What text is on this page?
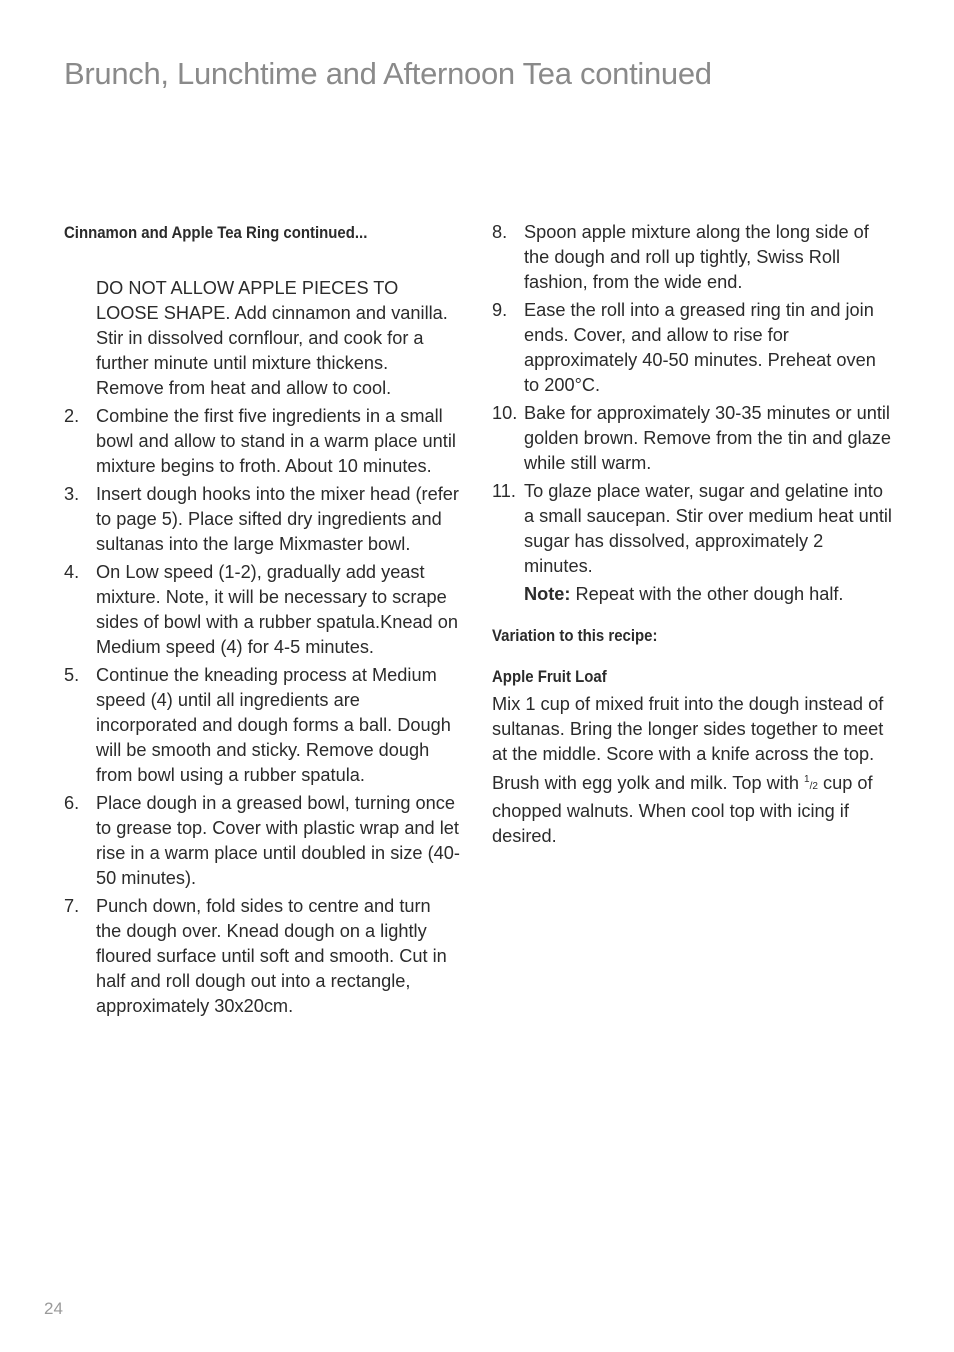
Brunch, Lunchtime and Afternoon Tea continued
Cinnamon and Apple Tea Ring continued...
DO NOT ALLOW APPLE PIECES TO LOOSE SHAPE. Add cinnamon and vanilla. Stir in dissolved cornflour, and cook for a further minute until mixture thickens. Remove from heat and allow to cool.
2. Combine the first five ingredients in a small bowl and allow to stand in a warm place until mixture begins to froth. About 10 minutes.
3. Insert dough hooks into the mixer head (refer to page 5). Place sifted dry ingredients and sultanas into the large Mixmaster bowl.
4. On Low speed (1-2), gradually add yeast mixture. Note, it will be necessary to scrape sides of bowl with a rubber spatula.Knead on Medium speed (4) for 4-5 minutes.
5. Continue the kneading process at Medium speed (4) until all ingredients are incorporated and dough forms a ball. Dough will be smooth and sticky. Remove dough from bowl using a rubber spatula.
6. Place dough in a greased bowl, turning once to grease top. Cover with plastic wrap and let rise in a warm place until doubled in size (40-50 minutes).
7. Punch down, fold sides to centre and turn the dough over. Knead dough on a lightly floured surface until soft and smooth. Cut in half and roll dough out into a rectangle, approximately 30x20cm.
8. Spoon apple mixture along the long side of the dough and roll up tightly, Swiss Roll fashion, from the wide end.
9. Ease the roll into a greased ring tin and join ends. Cover, and allow to rise for approximately 40-50 minutes. Preheat oven to 200°C.
10. Bake for approximately 30-35 minutes or until golden brown. Remove from the tin and glaze while still warm.
11. To glaze place water, sugar and gelatine into a small saucepan. Stir over medium heat until sugar has dissolved, approximately 2 minutes.
Note: Repeat with the other dough half.
Variation to this recipe:
Apple Fruit Loaf
Mix 1 cup of mixed fruit into the dough instead of sultanas. Bring the longer sides together to meet at the middle. Score with a knife across the top. Brush with egg yolk and milk. Top with 1/2 cup of chopped walnuts. When cool top with icing if desired.
24
